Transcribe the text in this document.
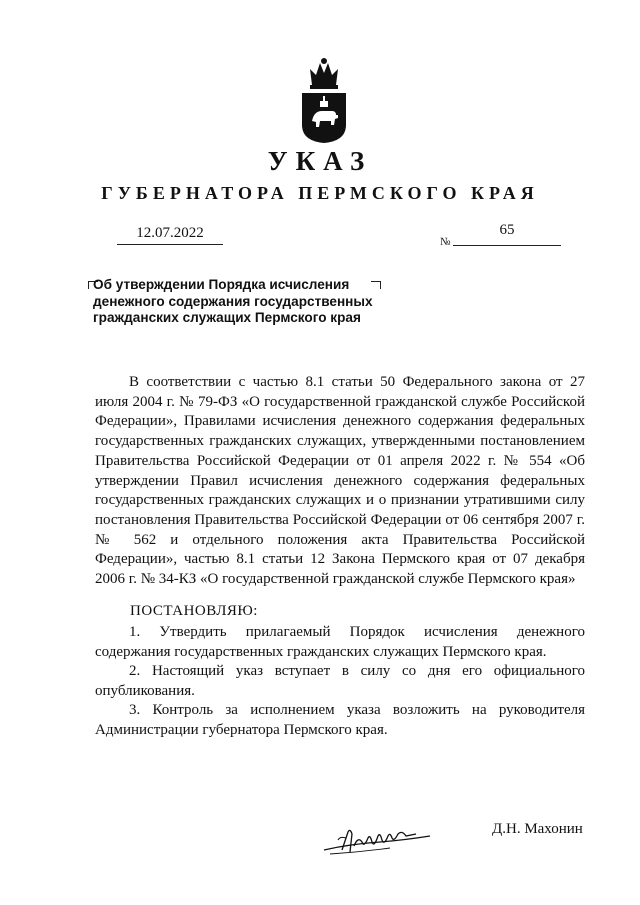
УКАЗ
ГУБЕРНАТОРА ПЕРМСКОГО КРАЯ
12.07.2022
№
65
Об утверждении Порядка исчисления денежного содержания государственных гражданских служащих Пермского края

В соответствии с частью 8.1 статьи 50 Федерального закона от 27 июля 2004 г. № 79-ФЗ «О государственной гражданской службе Российской Федерации», Правилами исчисления денежного содержания федеральных государственных гражданских служащих, утвержденными постановлением Правительства Российской Федерации от 01 апреля 2022 г. № 554 «Об утверждении Правил исчисления денежного содержания федеральных государственных гражданских служащих и о признании утратившими силу постановления Правительства Российской Федерации от 06 сентября 2007 г. № 562 и отдельного положения акта Правительства Российской Федерации», частью 8.1 статьи 12 Закона Пермского края от 07 декабря 2006 г. № 34-КЗ «О государственной гражданской службе Пермского края»

ПОСТАНОВЛЯЮ:

1. Утвердить прилагаемый Порядок исчисления денежного содержания государственных гражданских служащих Пермского края.

2. Настоящий указ вступает в силу со дня его официального опубликования.

3. Контроль за исполнением указа возложить на руководителя Администрации губернатора Пермского края.

Д.Н. Махонин
